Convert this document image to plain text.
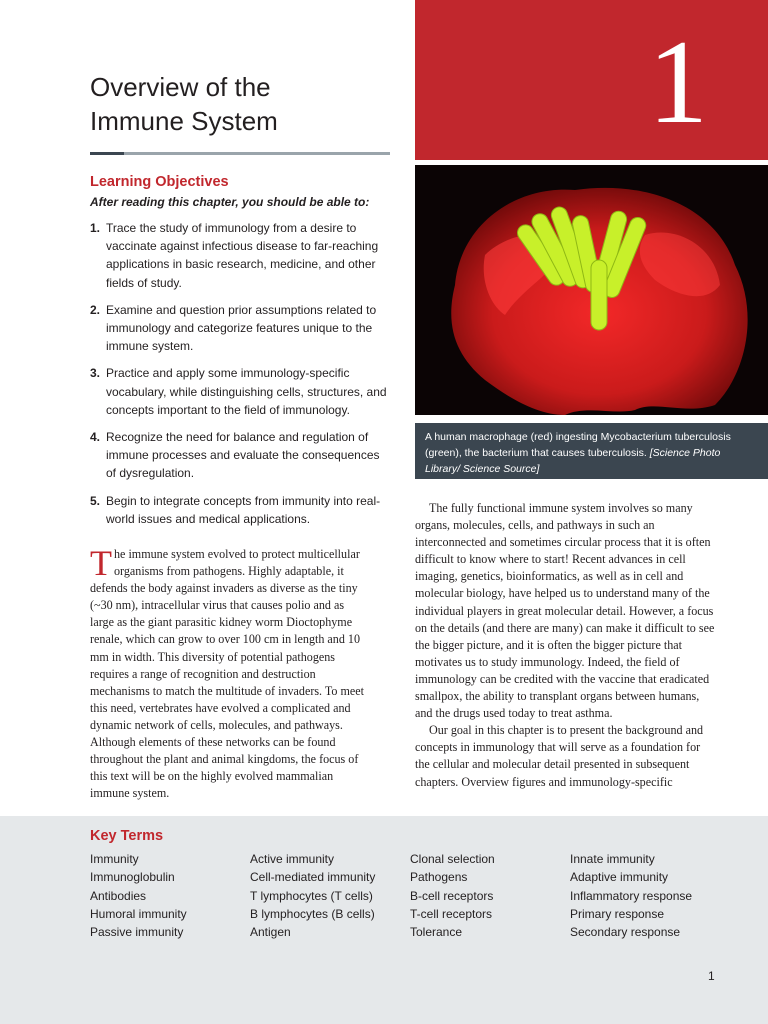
1
Overview of the
Immune System
A human macrophage (red) ingesting Mycobacterium tuberculosis (green), the bacterium that causes tuberculosis. [Science Photo Library/ Science Source]
Learning Objectives

After reading this chapter, you should be able to:

1. Trace the study of immunology from a desire to vaccinate against infectious disease to far-reaching applications in basic research, medicine, and other fields of study.
2. Examine and question prior assumptions related to immunology and categorize features unique to the immune system.
3. Practice and apply some immunology-specific vocabulary, while distinguishing cells, structures, and concepts important to the field of immunology.
4. Recognize the need for balance and regulation of immune processes and evaluate the consequences of dysregulation.
5. Begin to integrate concepts from immunity into real-world issues and medical applications.

The immune system evolved to protect multicellular organisms from pathogens. Highly adaptable, it defends the body against invaders as diverse as the tiny (~30 nm), intracellular virus that causes polio and as large as the giant parasitic kidney worm Dioctophyme renale, which can grow to over 100 cm in length and 10 mm in width. This diversity of potential pathogens requires a range of recognition and destruction mechanisms to match the multitude of invaders. To meet this need, vertebrates have evolved a complicated and dynamic network of cells, molecules, and pathways. Although elements of these networks can be found throughout the plant and animal kingdoms, the focus of this text will be on the highly evolved mammalian immune system.

The fully functional immune system involves so many organs, molecules, cells, and pathways in such an interconnected and sometimes circular process that it is often difficult to know where to start! Recent advances in cell imaging, genetics, bioinformatics, as well as in cell and molecular biology, have helped us to understand many of the individual players in great molecular detail. However, a focus on the details (and there are many) can make it difficult to see the bigger picture, and it is often the bigger picture that motivates us to study immunology. Indeed, the field of immunology can be credited with the vaccine that eradicated smallpox, the ability to transplant organs between humans, and the drugs used today to treat asthma.

Our goal in this chapter is to present the background and concepts in immunology that will serve as a foundation for the cellular and molecular detail presented in subsequent chapters. Overview figures and immunology-specific

Key Terms
Immunity
Immunoglobulin
Antibodies
Humoral immunity
Passive immunity
Active immunity
Cell-mediated immunity
T lymphocytes (T cells)
B lymphocytes (B cells)
Antigen
Clonal selection
Pathogens
B-cell receptors
T-cell receptors
Tolerance
Innate immunity
Adaptive immunity
Inflammatory response
Primary response
Secondary response
1
